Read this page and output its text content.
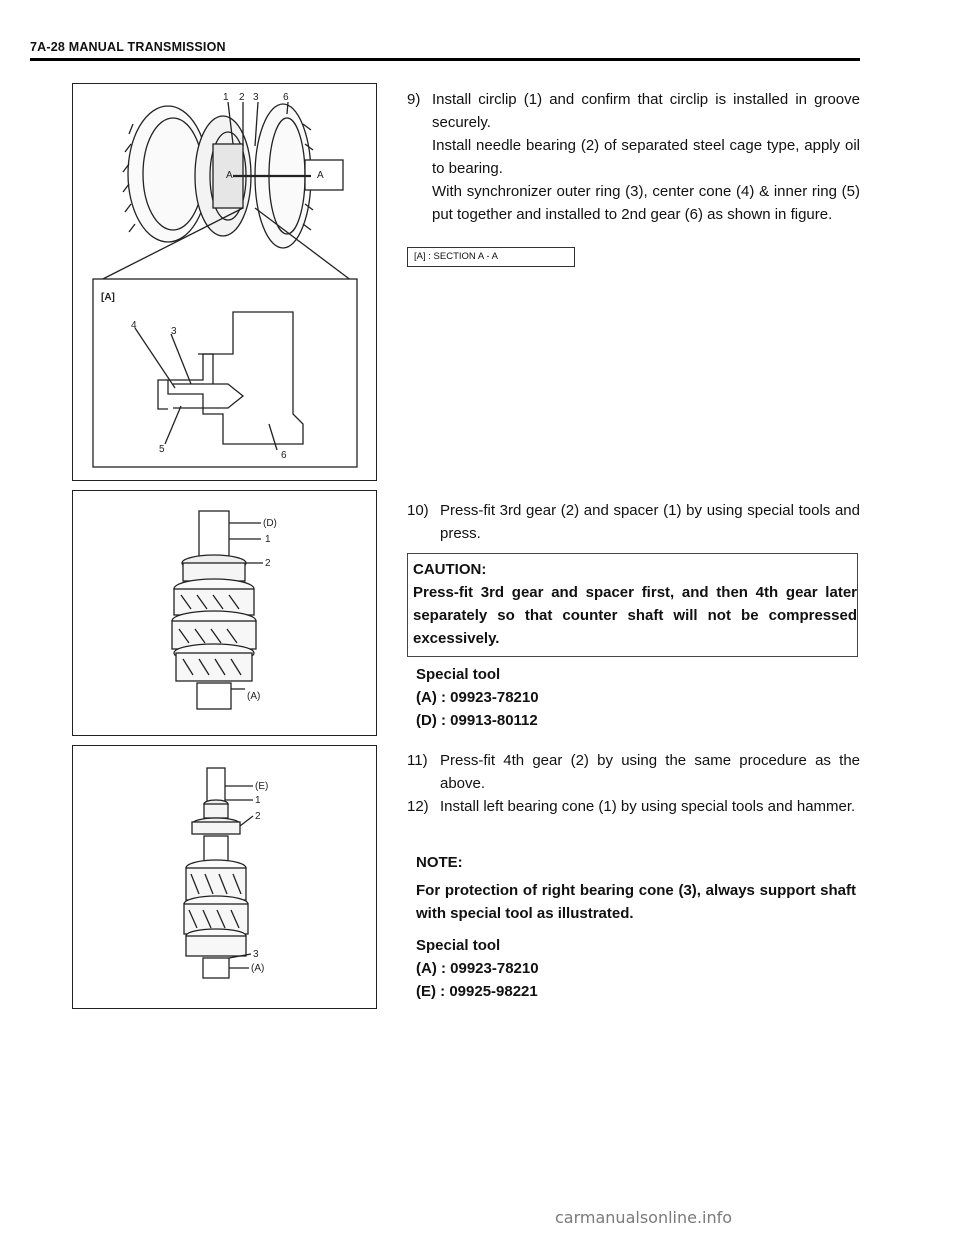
7A-28 MANUAL TRANSMISSION
1 2 3 6
A	A
[A]
4
3
5
6
9) Install circlip (1) and confirm that circlip is installed in groove securely.
Install needle bearing (2) of separated steel cage type, apply oil to bearing.
With synchronizer outer ring (3), center cone (4) & inner ring (5) put together and installed to 2nd gear (6) as shown in figure.
[A] : SECTION A - A
(D)
1
2
(A)
10) Press-fit 3rd gear (2) and spacer (1) by using special tools and press.
CAUTION:
Press-fit 3rd gear and spacer first, and then 4th gear later separately so that counter shaft will not be compressed excessively.
Special tool
(A) : 09923-78210
(D) : 09913-80112
(E)
1
2
3
(A)
11) Press-fit 4th gear (2) by using the same procedure as the above.
12) Install left bearing cone (1) by using special tools and hammer.
NOTE:
For protection of right bearing cone (3), always support shaft with special tool as illustrated.
Special tool
(A) : 09923-78210
(E) : 09925-98221
carmanualsonline.info
